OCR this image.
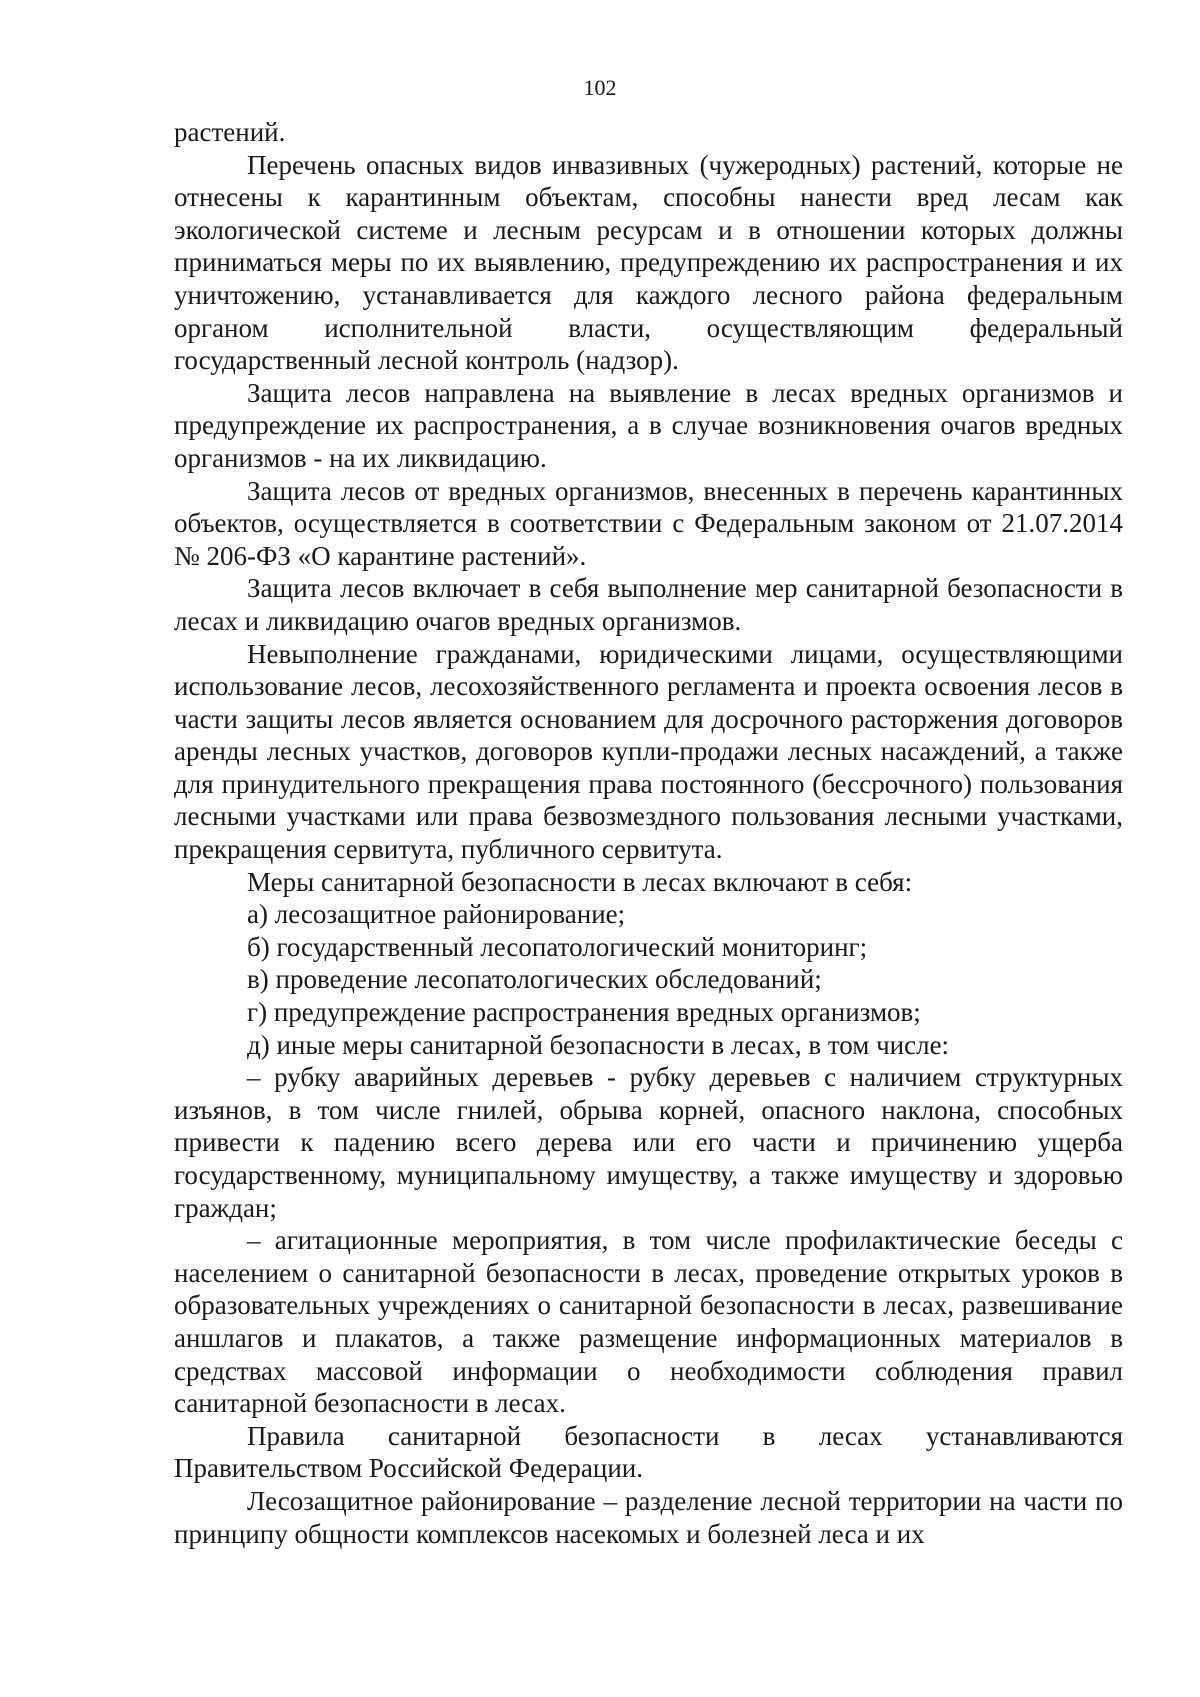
102

растений.

Перечень опасных видов инвазивных (чужеродных) растений, которые не отнесены к карантинным объектам, способны нанести вред лесам как экологической системе и лесным ресурсам и в отношении которых должны приниматься меры по их выявлению, предупреждению их распространения и их уничтожению, устанавливается для каждого лесного района федеральным органом исполнительной власти, осуществляющим федеральный государственный лесной контроль (надзор).

Защита лесов направлена на выявление в лесах вредных организмов и предупреждение их распространения, а в случае возникновения очагов вредных организмов - на их ликвидацию.

Защита лесов от вредных организмов, внесенных в перечень карантинных объектов, осуществляется в соответствии с Федеральным законом от 21.07.2014 № 206-ФЗ «О карантине растений».

Защита лесов включает в себя выполнение мер санитарной безопасности в лесах и ликвидацию очагов вредных организмов.

Невыполнение гражданами, юридическими лицами, осуществляющими использование лесов, лесохозяйственного регламента и проекта освоения лесов в части защиты лесов является основанием для досрочного расторжения договоров аренды лесных участков, договоров купли-продажи лесных насаждений, а также для принудительного прекращения права постоянного (бессрочного) пользования лесными участками или права безвозмездного пользования лесными участками, прекращения сервитута, публичного сервитута.

Меры санитарной безопасности в лесах включают в себя:

а) лесозащитное районирование;

б) государственный лесопатологический мониторинг;

в) проведение лесопатологических обследований;

г) предупреждение распространения вредных организмов;

д) иные меры санитарной безопасности в лесах, в том числе:

– рубку аварийных деревьев - рубку деревьев с наличием структурных изъянов, в том числе гнилей, обрыва корней, опасного наклона, способных привести к падению всего дерева или его части и причинению ущерба государственному, муниципальному имуществу, а также имуществу и здоровью граждан;

– агитационные мероприятия, в том числе профилактические беседы с населением о санитарной безопасности в лесах, проведение открытых уроков в образовательных учреждениях о санитарной безопасности в лесах, развешивание аншлагов и плакатов, а также размещение информационных материалов в средствах массовой информации о необходимости соблюдения правил санитарной безопасности в лесах.

Правила санитарной безопасности в лесах устанавливаются Правительством Российской Федерации.

Лесозащитное районирование – разделение лесной территории на части по принципу общности комплексов насекомых и болезней леса и их
